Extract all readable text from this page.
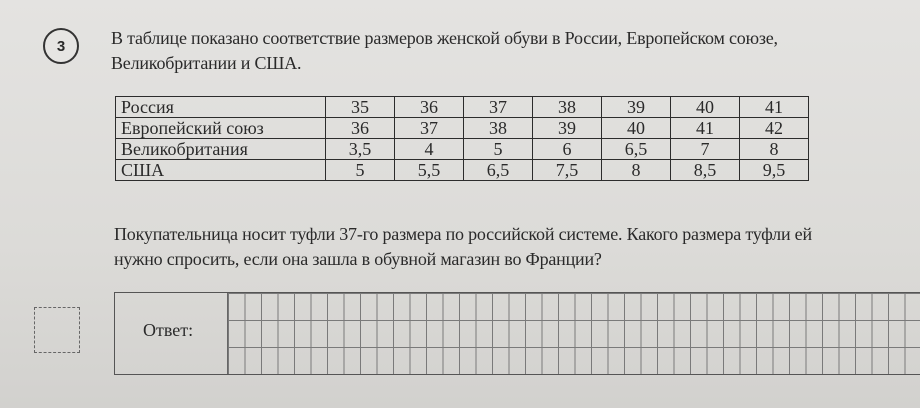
3	В таблице показано соответствие размеров женской обуви в России, Европейском союзе,
Великобритании и США.
Россия	35	36	37	38	39	40	41
Европейский союз	36	37	38	39	40	41	42
Великобритания	3,5	4	5	6	6,5	7	8
США	5	5,5	6,5	7,5	8	8,5	9,5
Покупательница носит туфли 37-го размера по российской системе. Какого размера туфли ей
нужно спросить, если она зашла в обувной магазин во Франции?
Ответ:
